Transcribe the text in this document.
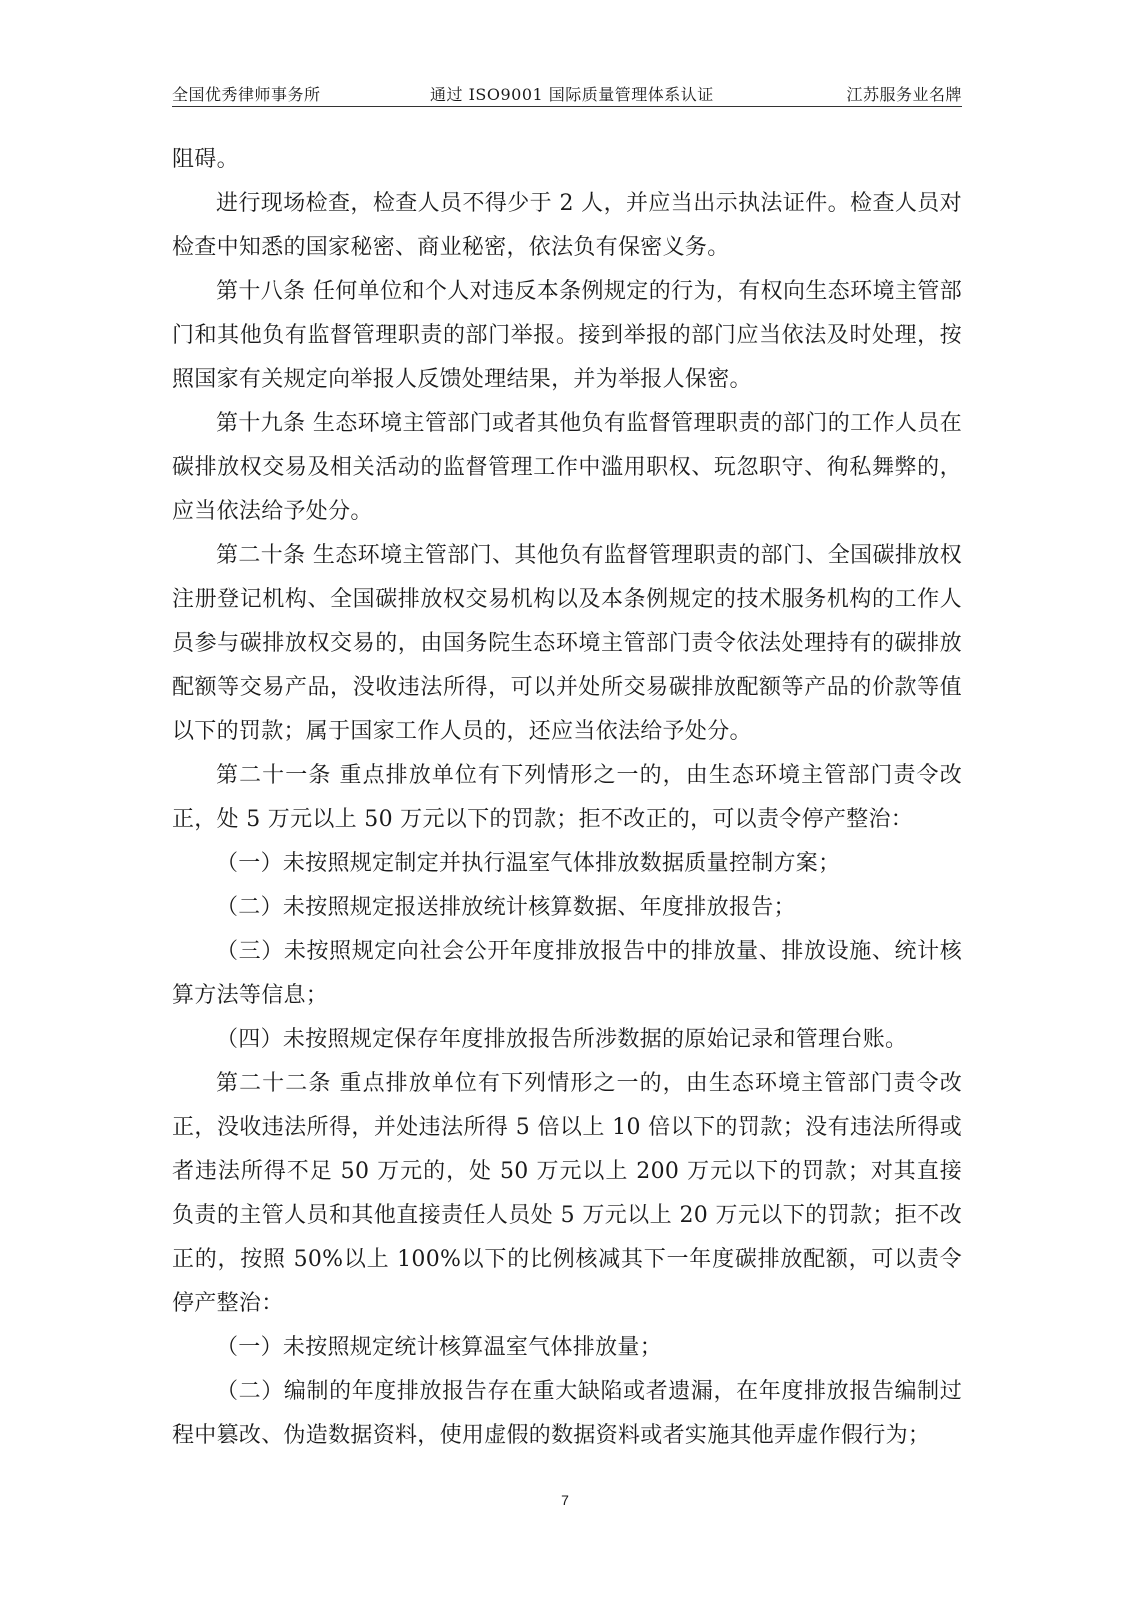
全国优秀律师事务所	通过 ISO9001 国际质量管理体系认证	江苏服务业名牌

阻碍。

进行现场检查，检查人员不得少于 2 人，并应当出示执法证件。检查人员对检查中知悉的国家秘密、商业秘密，依法负有保密义务。

第十八条 任何单位和个人对违反本条例规定的行为，有权向生态环境主管部门和其他负有监督管理职责的部门举报。接到举报的部门应当依法及时处理，按照国家有关规定向举报人反馈处理结果，并为举报人保密。

第十九条 生态环境主管部门或者其他负有监督管理职责的部门的工作人员在碳排放权交易及相关活动的监督管理工作中滥用职权、玩忽职守、徇私舞弊的，应当依法给予处分。

第二十条 生态环境主管部门、其他负有监督管理职责的部门、全国碳排放权注册登记机构、全国碳排放权交易机构以及本条例规定的技术服务机构的工作人员参与碳排放权交易的，由国务院生态环境主管部门责令依法处理持有的碳排放配额等交易产品，没收违法所得，可以并处所交易碳排放配额等产品的价款等值以下的罚款；属于国家工作人员的，还应当依法给予处分。

第二十一条 重点排放单位有下列情形之一的，由生态环境主管部门责令改正，处 5 万元以上 50 万元以下的罚款；拒不改正的，可以责令停产整治：

（一）未按照规定制定并执行温室气体排放数据质量控制方案；

（二）未按照规定报送排放统计核算数据、年度排放报告；

（三）未按照规定向社会公开年度排放报告中的排放量、排放设施、统计核算方法等信息；

（四）未按照规定保存年度排放报告所涉数据的原始记录和管理台账。

第二十二条 重点排放单位有下列情形之一的，由生态环境主管部门责令改正，没收违法所得，并处违法所得 5 倍以上 10 倍以下的罚款；没有违法所得或者违法所得不足 50 万元的，处 50 万元以上 200 万元以下的罚款；对其直接负责的主管人员和其他直接责任人员处 5 万元以上 20 万元以下的罚款；拒不改正的，按照 50%以上 100%以下的比例核减其下一年度碳排放配额，可以责令停产整治：

（一）未按照规定统计核算温室气体排放量；

（二）编制的年度排放报告存在重大缺陷或者遗漏，在年度排放报告编制过程中篡改、伪造数据资料，使用虚假的数据资料或者实施其他弄虚作假行为；

7
